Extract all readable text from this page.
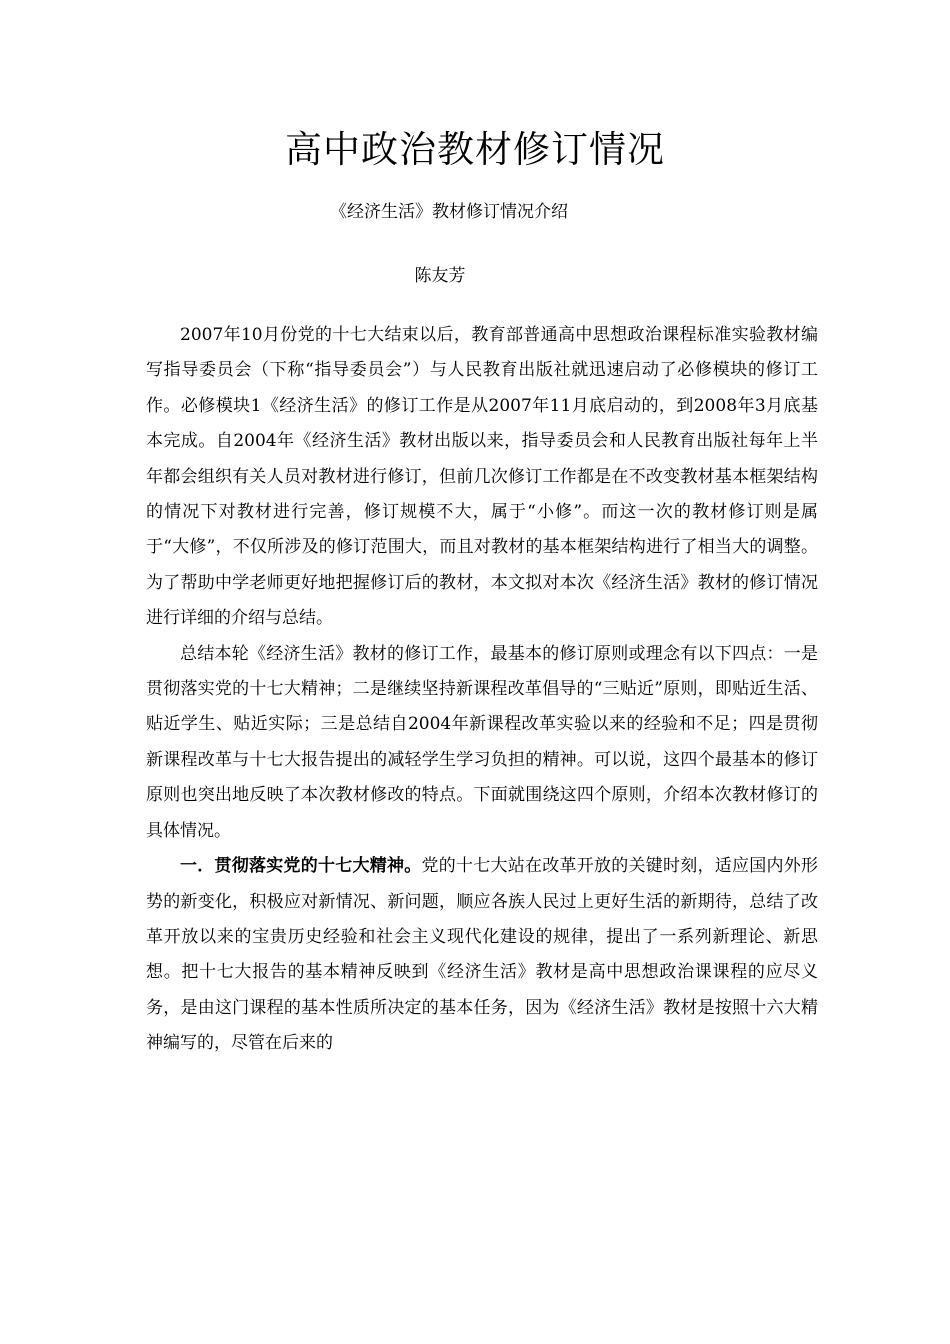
高中政治教材修订情况
《经济生活》教材修订情况介绍
陈友芳

2007年10月份党的十七大结束以后，教育部普通高中思想政治课程标准实验教材编写指导委员会（下称“指导委员会”）与人民教育出版社就迅速启动了必修模块的修订工作。必修模块1《经济生活》的修订工作是从2007年11月底启动的，到2008年3月底基本完成。自2004年《经济生活》教材出版以来，指导委员会和人民教育出版社每年上半年都会组织有关人员对教材进行修订，但前几次修订工作都是在不改变教材基本框架结构的情况下对教材进行完善，修订规模不大，属于“小修”。而这一次的教材修订则是属于“大修”，不仅所涉及的修订范围大，而且对教材的基本框架结构进行了相当大的调整。为了帮助中学老师更好地把握修订后的教材，本文拟对本次《经济生活》教材的修订情况进行详细的介绍与总结。

总结本轮《经济生活》教材的修订工作，最基本的修订原则或理念有以下四点：一是贯彻落实党的十七大精神；二是继续坚持新课程改革倡导的“三贴近”原则，即贴近生活、贴近学生、贴近实际；三是总结自2004年新课程改革实验以来的经验和不足；四是贯彻新课程改革与十七大报告提出的减轻学生学习负担的精神。可以说，这四个最基本的修订原则也突出地反映了本次教材修改的特点。下面就围绕这四个原则，介绍本次教材修订的具体情况。

一．贯彻落实党的十七大精神。党的十七大站在改革开放的关键时刻，适应国内外形势的新变化，积极应对新情况、新问题，顺应各族人民过上更好生活的新期待，总结了改革开放以来的宝贵历史经验和社会主义现代化建设的规律，提出了一系列新理论、新思想。把十七大报告的基本精神反映到《经济生活》教材是高中思想政治课课程的应尽义务，是由这门课程的基本性质所决定的基本任务，因为《经济生活》教材是按照十六大精神编写的，尽管在后来的
